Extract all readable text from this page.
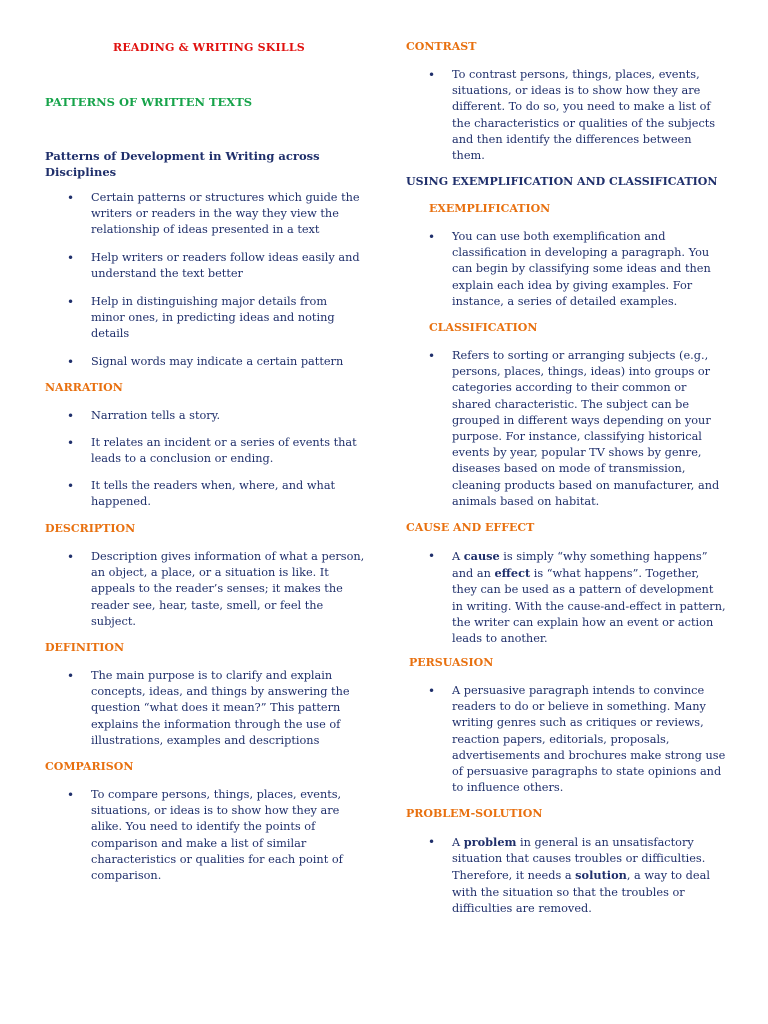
READING & WRITING SKILLS
PATTERNS OF WRITTEN TEXTS
Patterns of Development in Writing across Disciplines

• Certain patterns or structures which guide the writers or readers in the way they view the relationship of ideas presented in a text

• Help writers or readers follow ideas easily and understand the text better

• Help in distinguishing major details from minor ones, in predicting ideas and noting details

• Signal words may indicate a certain pattern

NARRATION

• Narration tells a story.

• It relates an incident or a series of events that leads to a conclusion or ending.

• It tells the readers when, where, and what happened.

DESCRIPTION

• Description gives information of what a person, an object, a place, or a situation is like. It appeals to the reader’s senses; it makes the reader see, hear, taste, smell, or feel the subject.

DEFINITION

• The main purpose is to clarify and explain concepts, ideas, and things by answering the question “what does it mean?” This pattern explains the information through the use of illustrations, examples and descriptions

COMPARISON

• To compare persons, things, places, events, situations, or ideas is to show how they are alike. You need to identify the points of comparison and make a list of similar characteristics or qualities for each point of comparison.

CONTRAST

• To contrast persons, things, places, events, situations, or ideas is to show how they are different. To do so, you need to make a list of the characteristics or qualities of the subjects and then identify the differences between them.

USING EXEMPLIFICATION AND CLASSIFICATION
EXEMPLIFICATION

• You can use both exemplification and classification in developing a paragraph. You can begin by classifying some ideas and then explain each idea by giving examples. For instance, a series of detailed examples.

CLASSIFICATION

• Refers to sorting or arranging subjects (e.g., persons, places, things, ideas) into groups or categories according to their common or shared characteristic. The subject can be grouped in different ways depending on your purpose. For instance, classifying historical events by year, popular TV shows by genre, diseases based on mode of transmission, cleaning products based on manufacturer, and animals based on habitat.

CAUSE AND EFFECT

• A cause is simply “why something happens” and an effect is “what happens”. Together, they can be used as a pattern of development in writing. With the cause-and-effect in pattern, the writer can explain how an event or action leads to another.

PERSUASION

• A persuasive paragraph intends to convince readers to do or believe in something. Many writing genres such as critiques or reviews, reaction papers, editorials, proposals, advertisements and brochures make strong use of persuasive paragraphs to state opinions and to influence others.

PROBLEM-SOLUTION

• A problem in general is an unsatisfactory situation that causes troubles or difficulties. Therefore, it needs a solution, a way to deal with the situation so that the troubles or difficulties are removed.
